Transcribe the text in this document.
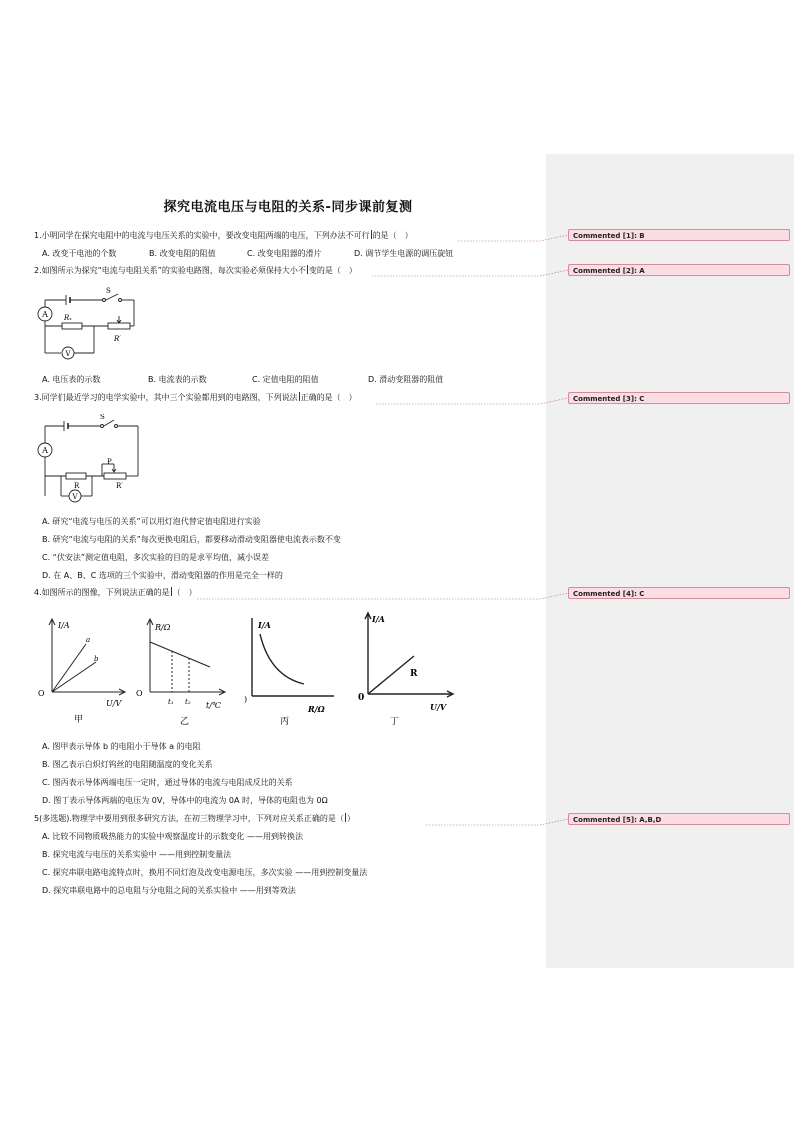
Commented [1]: B
Commented [2]: A
Commented [3]: C
Commented [4]: C
Commented [5]: A,B,D
探究电流电压与电阻的关系-同步课前复测
1.小明同学在探究电阻中的电流与电压关系的实验中，要改变电阻两端的电压，下列办法不可行 的是（　）
A. 改变干电池的个数	B. 改变电阻的阻值	C. 改变电阻器的滑片	D. 调节学生电源的调压旋钮
2.如图所示为探究“电流与电阻关系”的实验电路图，每次实验必须保持大小不 变的是（　）
A
S
Rₓ
R′
V
A. 电压表的示数	B. 电流表的示数	C. 定值电阻的阻值	D. 滑动变阻器的阻值
3.同学们最近学习的电学实验中，其中三个实验都用到的电路图，下列说法 正确的是（　）
A
S
R
P
R′
V
A. 研究“电流与电压的关系”可以用灯泡代替定值电阻进行实验
B. 研究“电流与电阻的关系”每次更换电阻后，都要移动滑动变阻器使电流表示数不变
C. “伏安法”测定值电阻，多次实验的目的是求平均值，减小误差
D. 在 A、B、C 选项的三个实验中，滑动变阻器的作用是完全一样的
4.如图所示的图像，下列说法正确的是 （　）
I/A
O
a
b
U/V
甲
R/Ω
O
t₁ t₂ t/℃
乙
I/A
)
R/Ω
丙
I/A
0
R
U/V
丁
A. 图甲表示导体 b 的电阻小于导体 a 的电阻
B. 图乙表示白炽灯钨丝的电阻随温度的变化关系
C. 图丙表示导体两端电压一定时，通过导体的电流与电阻成反比的关系
D. 图丁表示导体两端的电压为 0V，导体中的电流为 0A 时，导体的电阻也为 0Ω
5(多选题).物理学中要用到很多研究方法，在初三物理学习中，下列对应关系正确的是（ ）
A. 比较不同物质吸热能力的实验中观察温度计的示数变化 ——用到转换法
B. 探究电流与电压的关系实验中 ——用到控制变量法
C. 探究串联电路电流特点时，换用不同灯泡及改变电源电压，多次实验 ——用到控制变量法
D. 探究串联电路中的总电阻与分电阻之间的关系实验中 ——用到等效法
